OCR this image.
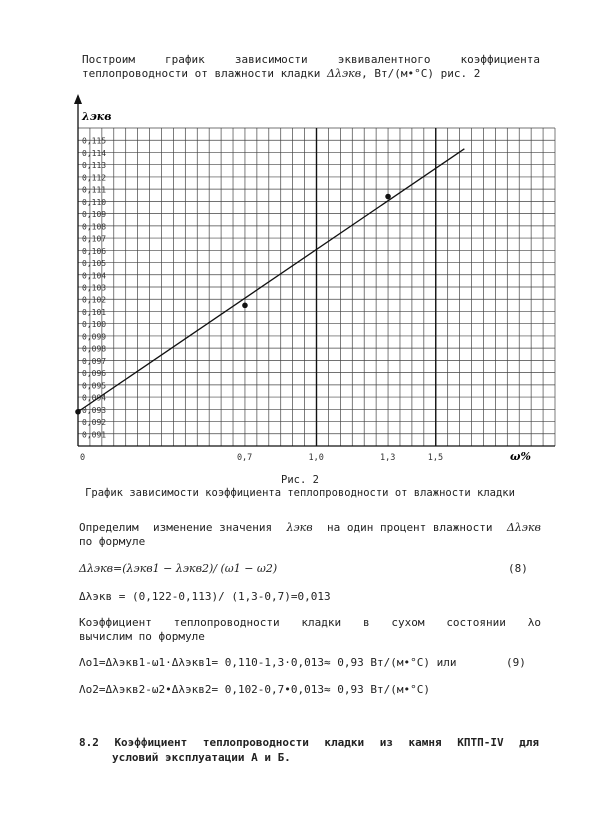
Построим	график	зависимости	эквивалентного	коэффициента
теплопроводности от влажности кладки Δλэкв, Вт/(м•°С) рис. 2
0,091
0,092
0,093
0,094
0,095
0,096
0,097
0,098
0,099
0,100
0,101
0,102
0,103
0,104
0,105
0,106
0,107
0,108
0,109
0,110
0,111
0,112
0,113
0,114
0,115
0	0,7	1,0	1,3	1,5
λэкв
ω%
Рис. 2
График зависимости коэффициента теплопроводности от влажности кладки
Определим изменение значения λэкв на один процент влажности Δλэкв
по формуле
Δλэкв=(λэкв1 − λэкв2)/ (ω1 − ω2)	(8)
Δλэкв = (0,122-0,113)/ (1,3-0,7)=0,013
Коэффициент теплопроводности кладки в сухом состоянии λо
вычислим по формуле
Λо1=Δλэкв1-ω1·Δλэкв1= 0,110-1,3·0,013≈ 0,93 Вт/(м•°С) или	(9)
Λо2=Δλэкв2-ω2•Δλэкв2= 0,102-0,7•0,013≈ 0,93 Вт/(м•°С)
8.2 Коэффициент теплопроводности кладки из камня КПТП-IV для
условий эксплуатации А и Б.
